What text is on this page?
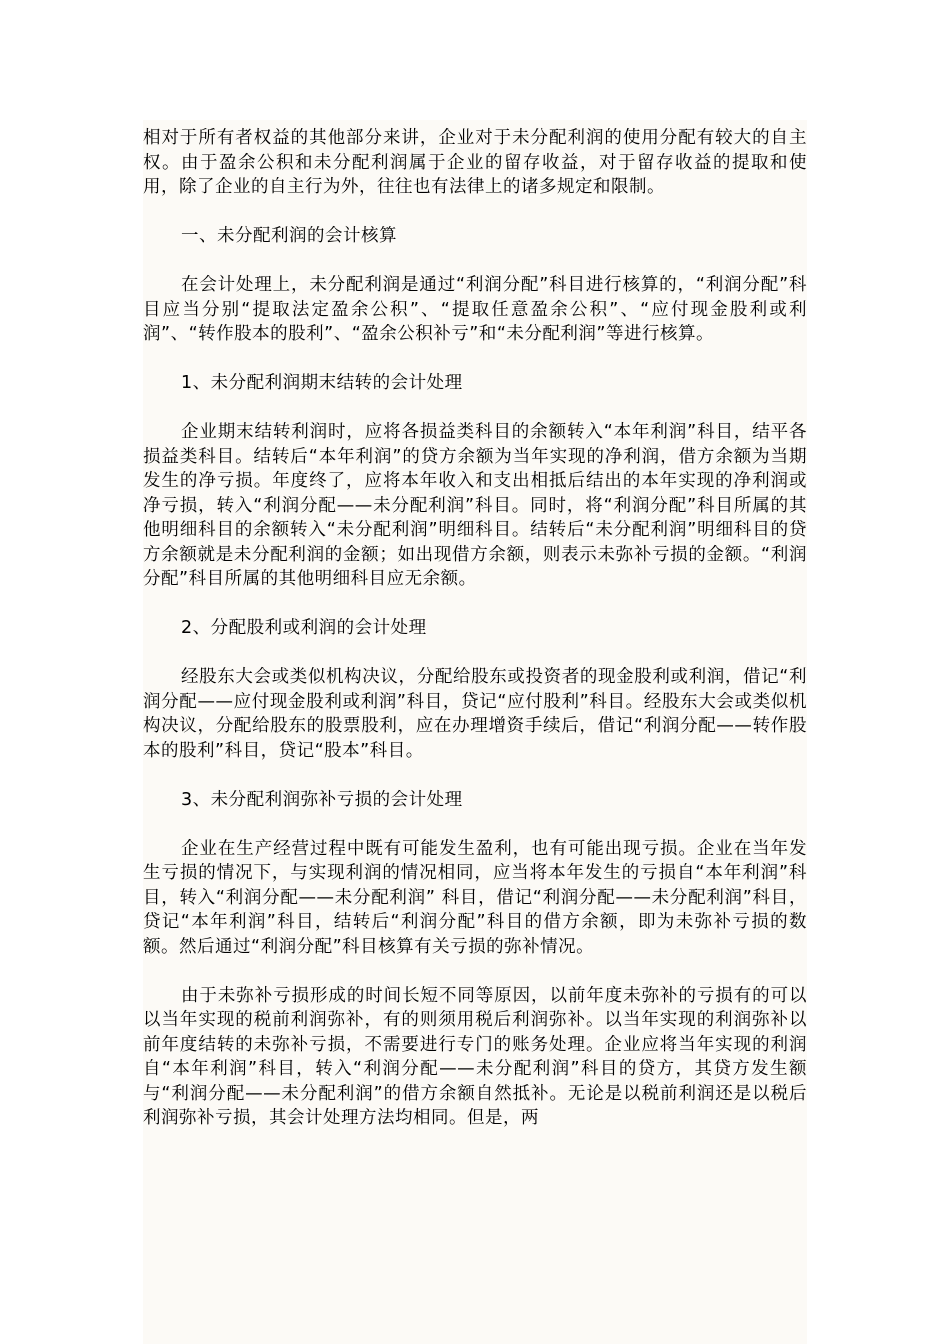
相对于所有者权益的其他部分来讲，企业对于未分配利润的使用分配有较大的自主权。由于盈余公积和未分配利润属于企业的留存收益，对于留存收益的提取和使用，除了企业的自主行为外，往往也有法律上的诸多规定和限制。

一、未分配利润的会计核算

在会计处理上，未分配利润是通过“利润分配”科目进行核算的，“利润分配”科目应当分别“提取法定盈余公积”、“提取任意盈余公积”、“应付现金股利或利润”、“转作股本的股利”、“盈余公积补亏”和“未分配利润”等进行核算。

1、未分配利润期末结转的会计处理

企业期末结转利润时，应将各损益类科目的余额转入“本年利润”科目，结平各损益类科目。结转后“本年利润”的贷方余额为当年实现的净利润，借方余额为当期发生的净亏损。年度终了，应将本年收入和支出相抵后结出的本年实现的净利润或净亏损，转入“利润分配——未分配利润”科目。同时，将“利润分配”科目所属的其他明细科目的余额转入“未分配利润”明细科目。结转后“未分配利润”明细科目的贷方余额就是未分配利润的金额；如出现借方余额，则表示未弥补亏损的金额。“利润分配”科目所属的其他明细科目应无余额。

2、分配股利或利润的会计处理

经股东大会或类似机构决议，分配给股东或投资者的现金股利或利润，借记“利润分配——应付现金股利或利润”科目，贷记“应付股利”科目。经股东大会或类似机构决议，分配给股东的股票股利，应在办理增资手续后，借记“利润分配——转作股本的股利”科目，贷记“股本”科目。

3、未分配利润弥补亏损的会计处理

企业在生产经营过程中既有可能发生盈利，也有可能出现亏损。企业在当年发生亏损的情况下，与实现利润的情况相同，应当将本年发生的亏损自“本年利润”科目，转入“利润分配——未分配利润” 科目，借记“利润分配——未分配利润”科目，贷记“本年利润”科目，结转后“利润分配”科目的借方余额，即为未弥补亏损的数额。然后通过“利润分配”科目核算有关亏损的弥补情况。

由于未弥补亏损形成的时间长短不同等原因，以前年度未弥补的亏损有的可以以当年实现的税前利润弥补，有的则须用税后利润弥补。以当年实现的利润弥补以前年度结转的未弥补亏损，不需要进行专门的账务处理。企业应将当年实现的利润自“本年利润”科目，转入“利润分配——未分配利润”科目的贷方，其贷方发生额与“利润分配——未分配利润”的借方余额自然抵补。无论是以税前利润还是以税后利润弥补亏损，其会计处理方法均相同。但是，两
